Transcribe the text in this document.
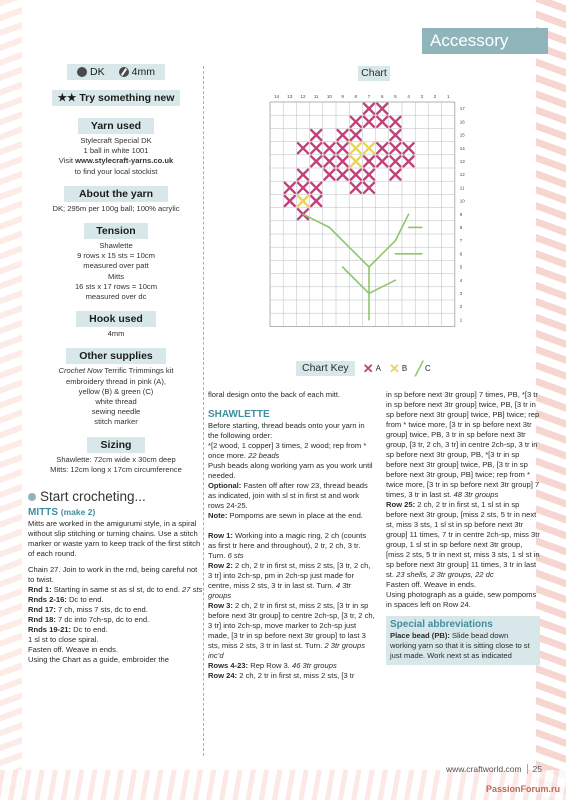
Accessory
DK	4mm
★★ Try something new
Yarn used
Stylecraft Special DK
1 ball in white 1001
Visit www.stylecraft-yarns.co.uk
to find your local stockist
About the yarn
DK; 295m per 100g ball; 100% acrylic
Tension
Shawlette
9 rows x 15 sts = 10cm
measured over patt
Mitts
16 sts x 17 rows = 10cm
measured over dc
Hook used
4mm
Other supplies
Crochet Now Terrific Trimmings kit
embroidery thread in pink (A),
yellow (B) & green (C)
white thread
sewing needle
stitch marker
Sizing
Shawlette: 72cm wide x 30cm deep
Mitts: 12cm long x 17cm circumference
Start crocheting...
MITTS (make 2)

Mitts are worked in the amigurumi style, in a spiral without slip stitching or turning chains. Use a stitch marker or waste yarn to keep track of the first stitch of each round.

Chain 27. Join to work in the rnd, being careful not to twist.

Rnd 1: Starting in same st as sl st, dc to end. 27 sts

Rnds 2-16: Dc to end.

Rnd 17: 7 ch, miss 7 sts, dc to end.

Rnd 18: 7 dc into 7ch-sp, dc to end.

Rnds 19-21: Dc to end.

1 sl st to close spiral.

Fasten off. Weave in ends.

Using the Chart as a guide, embroider the

Chart
14 13 12 11 10 9 8 7 6 5 4 3 2 1
17
16
15
14
13
12
11
10
9
8
7
6
5
4
3
2
1
Chart Key	✕ A ✕ B ╱ C

floral design onto the back of each mitt.

SHAWLETTE

Before starting, thread beads onto your yarn in the following order:

*[2 wood, 1 copper] 3 times, 2 wood; rep from * once more. 22 beads

Push beads along working yarn as you work until needed.

Optional: Fasten off after row 23, thread beads as indicated, join with sl st in first st and work rows 24-25.

Note: Pompoms are sewn in place at the end.

Row 1: Working into a magic ring, 2 ch (counts as first tr here and throughout), 2 tr, 2 ch, 3 tr. Turn. 6 sts

Row 2: 2 ch, 2 tr in first st, miss 2 sts, [3 tr, 2 ch, 3 tr] into 2ch-sp, pm in 2ch-sp just made for centre, miss 2 sts, 3 tr in last st. Turn. 4 3tr groups

Row 3: 2 ch, 2 tr in first st, miss 2 sts, [3 tr in sp before next 3tr group] to centre 2ch-sp, [3 tr, 2 ch, 3 tr] into 2ch-sp, move marker to 2ch-sp just made, [3 tr in sp before next 3tr group] to last 3 sts, miss 2 sts, 3 tr in last st. Turn. 2 3tr groups inc’d

Rows 4-23: Rep Row 3. 46 3tr groups

Row 24: 2 ch, 2 tr in first st, miss 2 sts, [3 tr

in sp before next 3tr group] 7 times, PB, *[3 tr in sp before next 3tr group] twice, PB, [3 tr in sp before next 3tr group] twice, PB] twice; rep from * twice more, [3 tr in sp before next 3tr group] twice, PB, 3 tr in sp before next 3tr group, [3 tr, 2 ch, 3 tr] in centre 2ch-sp, 3 tr in sp before next 3tr group, PB, *[3 tr in sp before next 3tr group] twice, PB, [3 tr in sp before next 3tr group, PB] twice; rep from * twice more, [3 tr in sp before next 3tr group] 7 times, 3 tr in last st. 48 3tr groups

Row 25: 2 ch, 2 tr in first st, 1 sl st in sp before next 3tr group, [miss 2 sts, 5 tr in next st, miss 3 sts, 1 sl st in sp before next 3tr group] 11 times, 7 tr in centre 2ch-sp, miss 3tr group, 1 sl st in sp before next 3tr group, [miss 2 sts, 5 tr in next st, miss 3 sts, 1 sl st in sp before next 3tr group] 11 times, 3 tr in last st. 23 shells, 2 3tr groups, 22 dc

Fasten off. Weave in ends.

Using photograph as a guide, sew pompoms in spaces left on Row 24.

Special abbreviations

Place bead (PB): Slide bead down working yarn so that it is sitting close to st just made. Work next st as indicated

www.craftworld.com 25
PassionForum.ru
